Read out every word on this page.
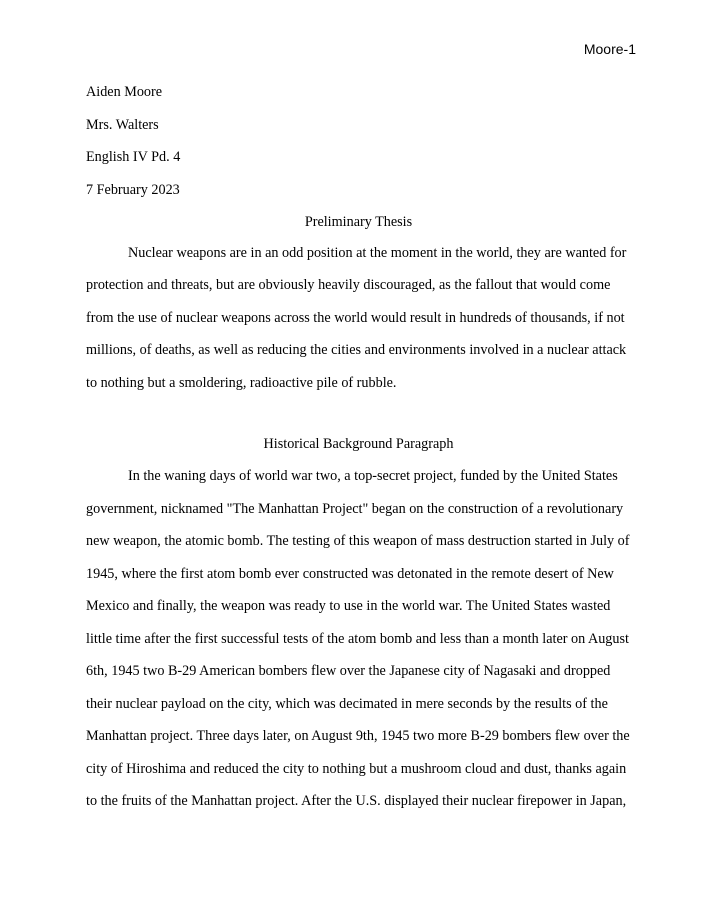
Moore-1
Aiden Moore
Mrs. Walters
English IV Pd. 4
7 February 2023
Preliminary Thesis

Nuclear weapons are in an odd position at the moment in the world, they are wanted for protection and threats, but are obviously heavily discouraged, as the fallout that would come from the use of nuclear weapons across the world would result in hundreds of thousands, if not millions, of deaths, as well as reducing the cities and environments involved in a nuclear attack to nothing but a smoldering, radioactive pile of rubble.

Historical Background Paragraph

In the waning days of world war two, a top-secret project, funded by the United States government, nicknamed "The Manhattan Project" began on the construction of a revolutionary new weapon, the atomic bomb. The testing of this weapon of mass destruction started in July of 1945, where the first atom bomb ever constructed was detonated in the remote desert of New Mexico and finally, the weapon was ready to use in the world war. The United States wasted little time after the first successful tests of the atom bomb and less than a month later on August 6th, 1945 two B-29 American bombers flew over the Japanese city of Nagasaki and dropped their nuclear payload on the city, which was decimated in mere seconds by the results of the Manhattan project. Three days later, on August 9th, 1945 two more B-29 bombers flew over the city of Hiroshima and reduced the city to nothing but a mushroom cloud and dust, thanks again to the fruits of the Manhattan project. After the U.S. displayed their nuclear firepower in Japan,
